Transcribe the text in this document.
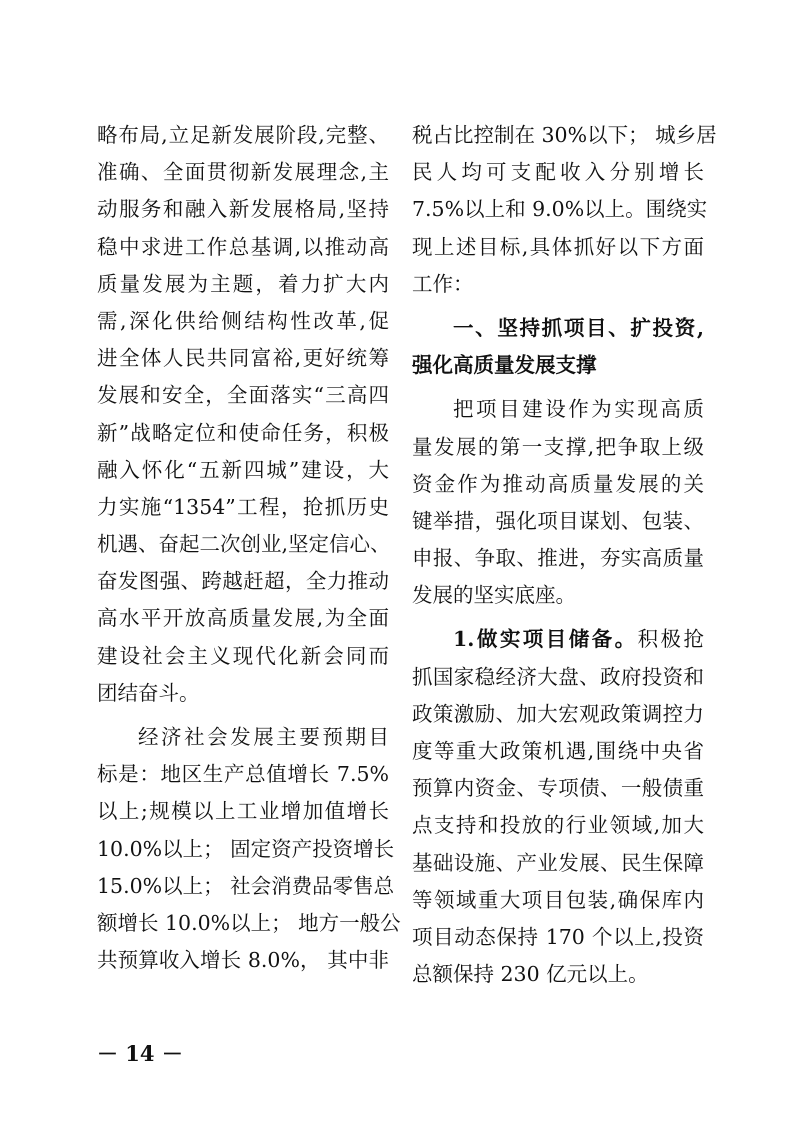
略布局,立足新发展阶段,完整、
准确、全面贯彻新发展理念,主
动服务和融入新发展格局,坚持
稳中求进工作总基调,以推动高
质量发展为主题，着力扩大内
需,深化供给侧结构性改革,促
进全体人民共同富裕,更好统筹
发展和安全，全面落实“三高四
新”战略定位和使命任务，积极
融入怀化“五新四城”建设，大
力实施“1354”工程，抢抓历史
机遇、奋起二次创业,坚定信心、
奋发图强、跨越赶超，全力推动
高水平开放高质量发展,为全面
建设社会主义现代化新会同而
团结奋斗。
经济社会发展主要预期目
标是：地区生产总值增长 7.5%
以上;规模以上工业增加值增长
10.0%以上； 固定资产投资增长
15.0%以上； 社会消费品零售总
额增长 10.0%以上； 地方一般公
共预算收入增长 8.0%， 其中非
税占比控制在 30%以下； 城乡居
民人均可支配收入分别增长
7.5%以上和 9.0%以上。围绕实
现上述目标,具体抓好以下方面
工作：
一、坚持抓项目、扩投资,
强化高质量发展支撑
把项目建设作为实现高质
量发展的第一支撑,把争取上级
资金作为推动高质量发展的关
键举措，强化项目谋划、包装、
申报、争取、推进，夯实高质量
发展的坚实底座。
1.做实项目储备。积极抢
抓国家稳经济大盘、政府投资和
政策激励、加大宏观政策调控力
度等重大政策机遇,围绕中央省
预算内资金、专项债、一般债重
点支持和投放的行业领域,加大
基础设施、产业发展、民生保障
等领域重大项目包装,确保库内
项目动态保持 170 个以上,投资
总额保持 230 亿元以上。
－ 14 －
